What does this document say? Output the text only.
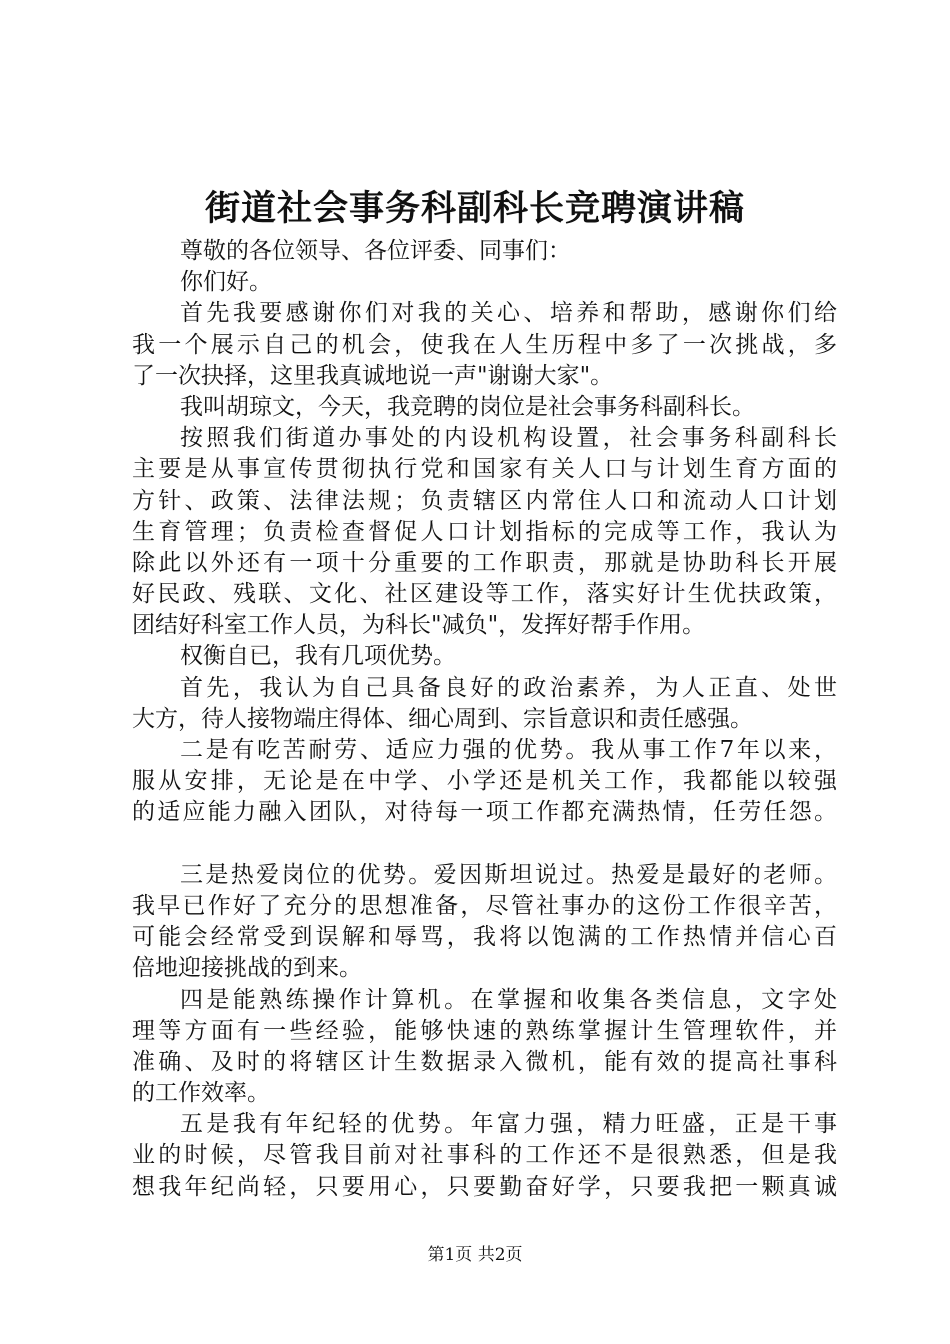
街道社会事务科副科长竞聘演讲稿

尊敬的各位领导、各位评委、同事们：

你们好。

首先我要感谢你们对我的关心、培养和帮助，感谢你们给

我一个展示自己的机会，使我在人生历程中多了一次挑战，多

了一次抉择，这里我真诚地说一声"谢谢大家"。

我叫胡琼文，今天，我竞聘的岗位是社会事务科副科长。

按照我们街道办事处的内设机构设置，社会事务科副科长

主要是从事宣传贯彻执行党和国家有关人口与计划生育方面的

方针、政策、法律法规；负责辖区内常住人口和流动人口计划

生育管理；负责检查督促人口计划指标的完成等工作，我认为

除此以外还有一项十分重要的工作职责，那就是协助科长开展

好民政、残联、文化、社区建设等工作，落实好计生优扶政策，

团结好科室工作人员，为科长"减负"，发挥好帮手作用。

权衡自已，我有几项优势。

首先，我认为自己具备良好的政治素养，为人正直、处世

大方，待人接物端庄得体、细心周到、宗旨意识和责任感强。

二是有吃苦耐劳、适应力强的优势。我从事工作7年以来，

服从安排，无论是在中学、小学还是机关工作，我都能以较强

的适应能力融入团队，对待每一项工作都充满热情，任劳任怨。

三是热爱岗位的优势。爱因斯坦说过。热爱是最好的老师。

我早已作好了充分的思想准备，尽管社事办的这份工作很辛苦，

可能会经常受到误解和辱骂，我将以饱满的工作热情并信心百

倍地迎接挑战的到来。

四是能熟练操作计算机。在掌握和收集各类信息，文字处

理等方面有一些经验，能够快速的熟练掌握计生管理软件，并

准确、及时的将辖区计生数据录入微机，能有效的提高社事科

的工作效率。

五是我有年纪轻的优势。年富力强，精力旺盛，正是干事

业的时候，尽管我目前对社事科的工作还不是很熟悉，但是我

想我年纪尚轻，只要用心，只要勤奋好学，只要我把一颗真诚

第1页 共2页
